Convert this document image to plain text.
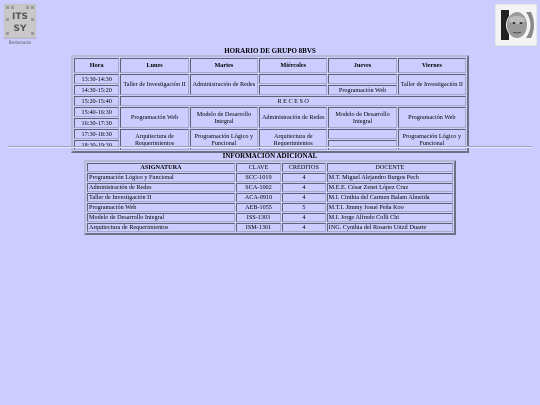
ITS
SY
Bedamaslo
HORARIO DE GRUPO 8BVS
Hora	Lunes	Martes	Miércoles	Jueves	Viernes
13:30-14:30	Taller de Investigación II	Administración de Redes			Taller de Investigación II
14:30-15:20				Programación Web	
15:20-15:40	R E C E S O				
15:40-16:30	Programación Web	Modelo de Desarrollo Integral	Administración de Redes	Modelo de Desarrollo Integral	Programación Web
16:30-17:30					
17:30-18:30	Arquitectura de Requerimientos	Programación Lógico y Funcional	Arquitectura de Requerimientos		Programación Lógico y Funcional
18:30-19:30					
INFORMACIÓN ADICIONAL
ASIGNATURA	CLAVE	CRÉDITOS	DOCENTE
Programación Lógico y Funcional	SCC-1019	4	M.T. Miguel Alejandro Burgos Pech
Administración de Redes	SCA-1002	4	M.E.E. César Zenet López Cruz
Taller de Investigación II	ACA-0910	4	M.I. Cinthia del Carmen Balam Almeida
Programación Web	AEB-1055	5	M.T.I. Jimmy Josué Peña Koo
Modelo de Desarrollo Integral	ISS-1303	4	M.I. Jorge Alfredo Colli Chi
Arquitectura de Requerimientos	ISM-1301	4	ING. Cynthia del Rosario Uitzil Duarte
